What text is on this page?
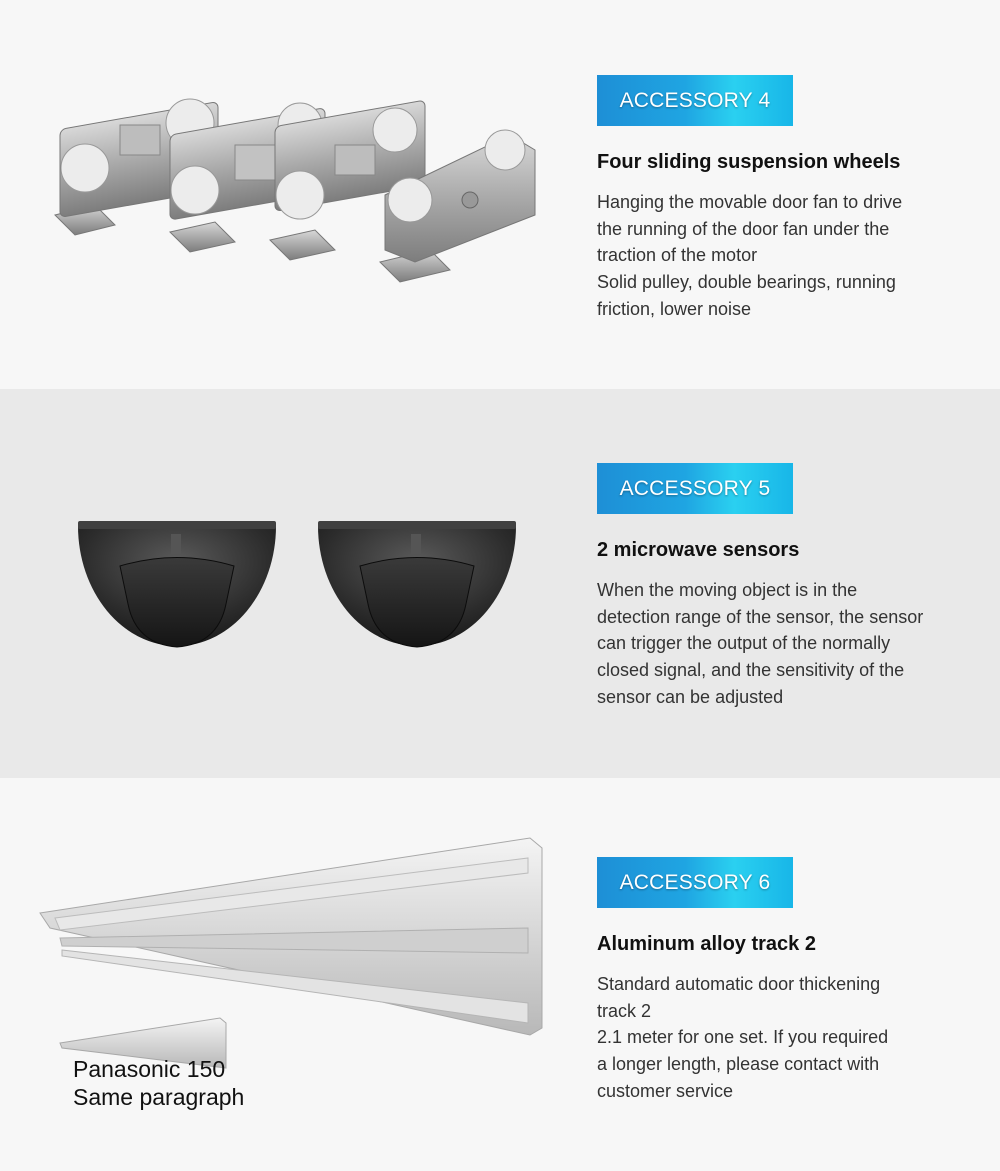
ACCESSORY 4
Four sliding suspension wheels
Hanging the movable door fan to drive
the running of the door fan under the
traction of the motor
Solid pulley, double bearings, running
friction, lower noise
ACCESSORY 5
2 microwave sensors
When the moving object is in the
detection range of the sensor, the sensor
can trigger the output of the normally
closed signal, and the sensitivity of the
sensor can be adjusted
ACCESSORY 6
Aluminum alloy track 2
Standard automatic door thickening
track 2
2.1 meter for one set. If you required
a longer length, please contact with
customer service
Panasonic 150
Same paragraph
